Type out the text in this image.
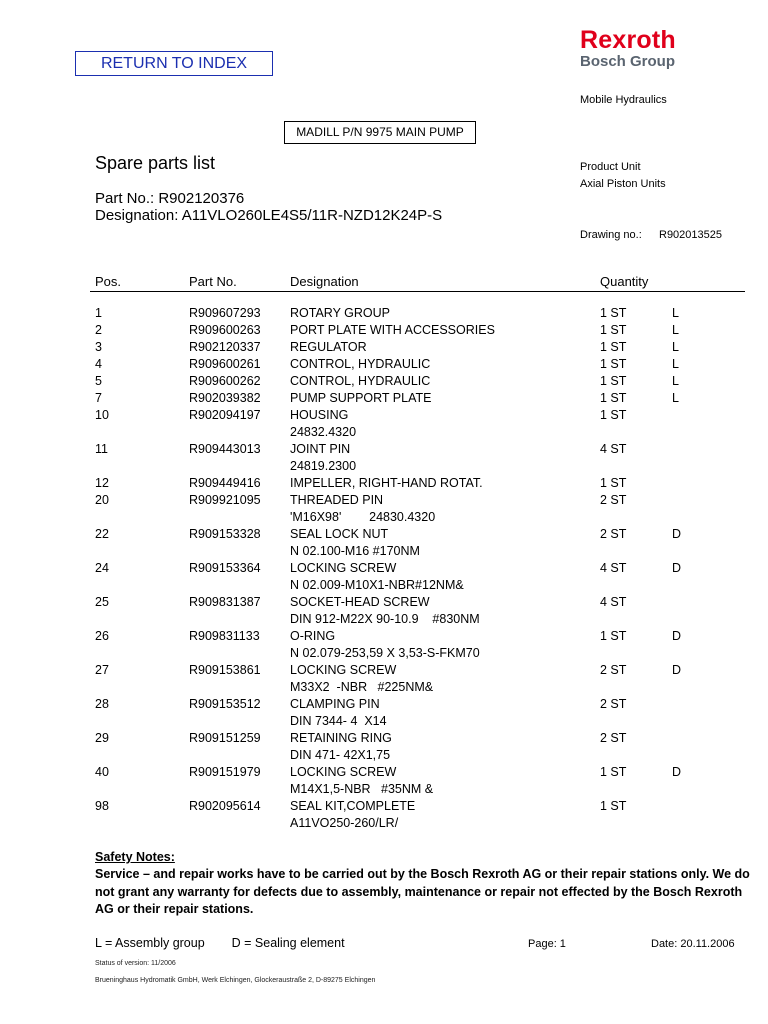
RETURN TO INDEX
Rexroth
Bosch Group
Mobile Hydraulics
MADILL P/N 9975 MAIN PUMP
Spare parts list	Product Unit
Axial Piston Units
Part No.: R902120376
Designation: A11VLO260LE4S5/11R-NZD12K24P-S
Drawing no.: R902013525
Pos.	Part No.	Designation	Quantity
1	R909607293 ROTARY GROUP	1 ST	L
2	R909600263 PORT PLATE WITH ACCESSORIES	1 ST	L
3	R902120337 REGULATOR	1 ST	L
4	R909600261 CONTROL, HYDRAULIC	1 ST	L
5	R909600262 CONTROL, HYDRAULIC	1 ST	L
7	R902039382 PUMP SUPPORT PLATE	1 ST	L
10	R902094197 HOUSING	1 ST
24832.4320
11	R909443013 JOINT PIN	4 ST
24819.2300
12	R909449416 IMPELLER, RIGHT-HAND ROTAT.	1 ST
20	R909921095 THREADED PIN	2 ST
'M16X98'        24830.4320
22	R909153328 SEAL LOCK NUT	2 ST	D
N 02.100-M16 #170NM
24	R909153364 LOCKING SCREW	4 ST	D
N 02.009-M10X1-NBR#12NM&
25	R909831387 SOCKET-HEAD SCREW	4 ST
DIN 912-M22X 90-10.9    #830NM
26	R909831133 O-RING	1 ST	D
N 02.079-253,59 X 3,53-S-FKM70
27	R909153861 LOCKING SCREW	2 ST	D
M33X2  -NBR   #225NM&
28	R909153512 CLAMPING PIN	2 ST
DIN 7344- 4  X14
29	R909151259 RETAINING RING	2 ST
DIN 471- 42X1,75
40	R909151979 LOCKING SCREW	1 ST	D
M14X1,5-NBR   #35NM &
98	R902095614 SEAL KIT,COMPLETE	1 ST
A11VO250-260/LR/
Safety Notes:
Service – and repair works have to be carried out by the Bosch Rexroth AG or their repair stations only. We do not grant any warranty for defects due to assembly, maintenance or repair not effected by the Bosch Rexroth AG or their repair stations.
L = Assembly group D = Sealing element	Page: 1	Date: 20.11.2006
Status of version: 11/2006
Brueninghaus Hydromatik GmbH, Werk Elchingen, Glockeraustraße 2, D-89275 Elchingen
